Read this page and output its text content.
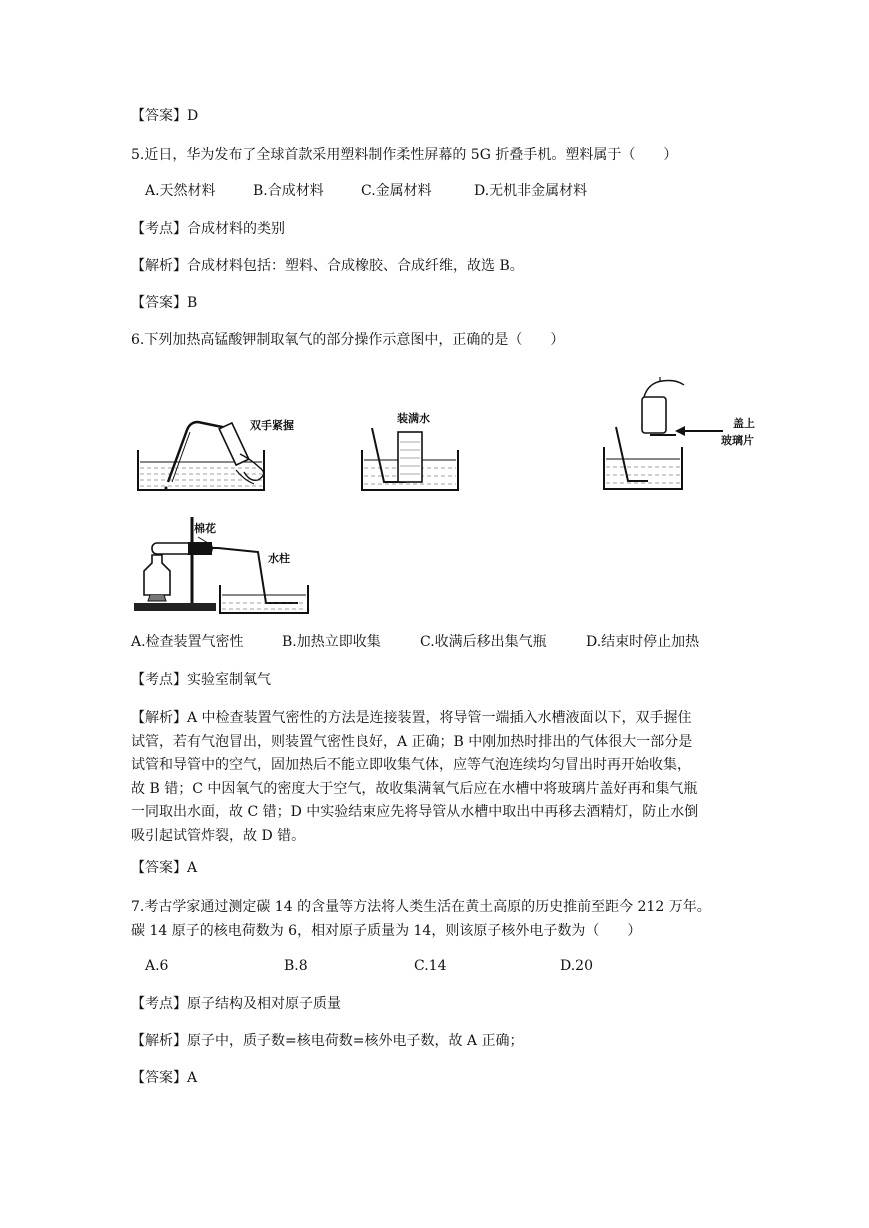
【答案】D
5.近日，华为发布了全球首款采用塑料制作柔性屏幕的 5G 折叠手机。塑料属于（　　）
A.天然材料	B.合成材料	C.金属材料	D.无机非金属材料
【考点】合成材料的类别
【解析】合成材料包括：塑料、合成橡胶、合成纤维，故选 B。
【答案】B
6.下列加热高锰酸钾制取氧气的部分操作示意图中，正确的是（　　）
双手紧握
装满水	盖上
玻璃片
棉花
水柱
A.检查装置气密性	B.加热立即收集	C.收满后移出集气瓶	D.结束时停止加热
【考点】实验室制氧气
【解析】A 中检查装置气密性的方法是连接装置，将导管一端插入水槽液面以下，双手握住
试管，若有气泡冒出，则装置气密性良好，A 正确；B 中刚加热时排出的气体很大一部分是
试管和导管中的空气，固加热后不能立即收集气体，应等气泡连续均匀冒出时再开始收集，
故 B 错；C 中因氧气的密度大于空气，故收集满氧气后应在水槽中将玻璃片盖好再和集气瓶
一同取出水面，故 C 错；D 中实验结束应先将导管从水槽中取出中再移去酒精灯，防止水倒
吸引起试管炸裂，故 D 错。
【答案】A
7.考古学家通过测定碳 14 的含量等方法将人类生活在黄土高原的历史推前至距今 212 万年。
碳 14 原子的核电荷数为 6，相对原子质量为 14，则该原子核外电子数为（　　）
A.6	B.8	C.14	D.20
【考点】原子结构及相对原子质量
【解析】原子中，质子数=核电荷数=核外电子数，故 A 正确；
【答案】A
